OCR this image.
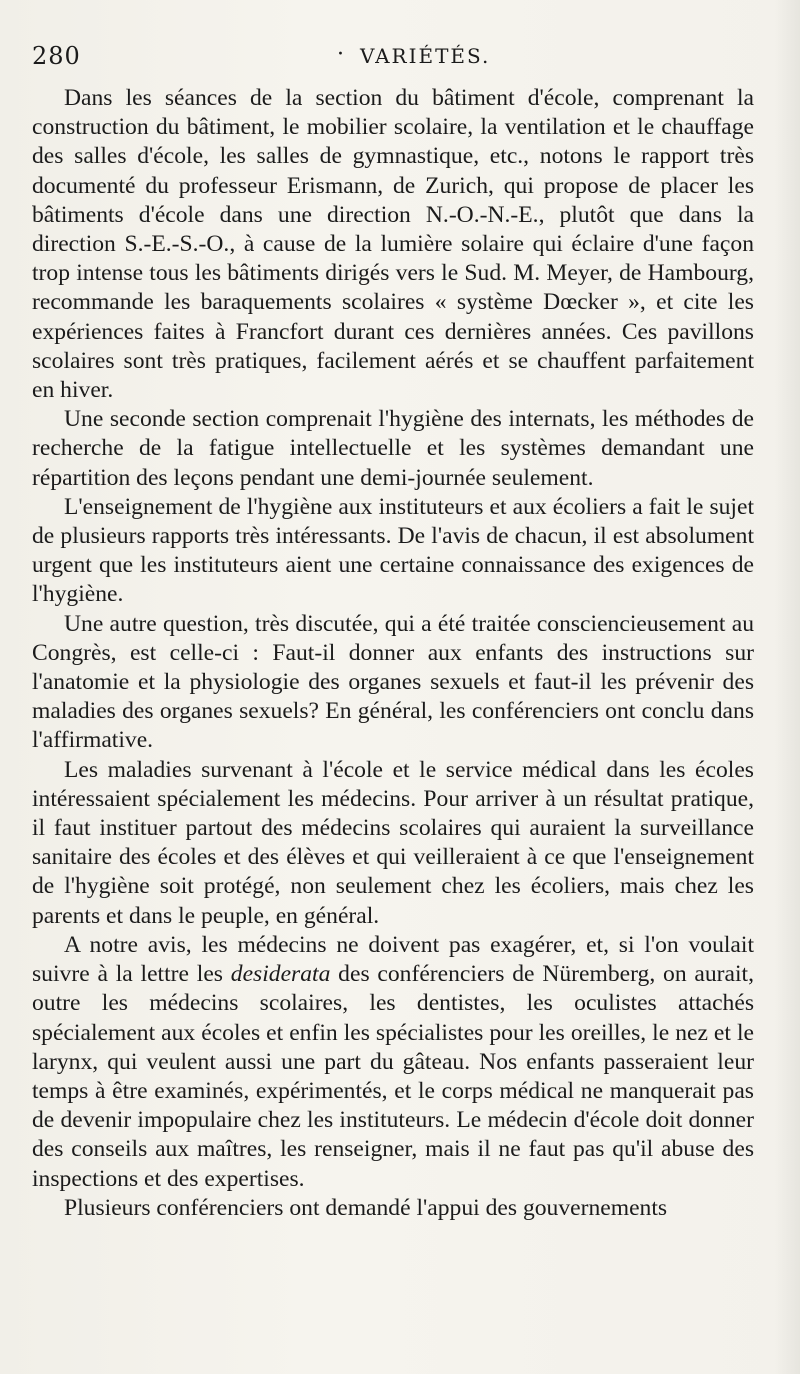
280	· VARIÉTÉS.

Dans les séances de la section du bâtiment d'école, comprenant la construction du bâtiment, le mobilier scolaire, la ventilation et le chauffage des salles d'école, les salles de gymnastique, etc., notons le rapport très documenté du professeur Erismann, de Zurich, qui propose de placer les bâtiments d'école dans une direction N.-O.-N.-E., plutôt que dans la direction S.-E.-S.-O., à cause de la lumière solaire qui éclaire d'une façon trop intense tous les bâtiments dirigés vers le Sud. M. Meyer, de Hambourg, recommande les baraquements scolaires « système Dœcker », et cite les expériences faites à Francfort durant ces dernières années. Ces pavillons scolaires sont très pratiques, facilement aérés et se chauffent parfaitement en hiver.

Une seconde section comprenait l'hygiène des internats, les méthodes de recherche de la fatigue intellectuelle et les systèmes demandant une répartition des leçons pendant une demi-journée seulement.

L'enseignement de l'hygiène aux instituteurs et aux écoliers a fait le sujet de plusieurs rapports très intéressants. De l'avis de chacun, il est absolument urgent que les instituteurs aient une certaine connaissance des exigences de l'hygiène.

Une autre question, très discutée, qui a été traitée consciencieusement au Congrès, est celle-ci : Faut-il donner aux enfants des instructions sur l'anatomie et la physiologie des organes sexuels et faut-il les prévenir des maladies des organes sexuels? En général, les conférenciers ont conclu dans l'affirmative.

Les maladies survenant à l'école et le service médical dans les écoles intéressaient spécialement les médecins. Pour arriver à un résultat pratique, il faut instituer partout des médecins scolaires qui auraient la surveillance sanitaire des écoles et des élèves et qui veilleraient à ce que l'enseignement de l'hygiène soit protégé, non seulement chez les écoliers, mais chez les parents et dans le peuple, en général.

A notre avis, les médecins ne doivent pas exagérer, et, si l'on voulait suivre à la lettre les desiderata des conférenciers de Nüremberg, on aurait, outre les médecins scolaires, les dentistes, les oculistes attachés spécialement aux écoles et enfin les spécialistes pour les oreilles, le nez et le larynx, qui veulent aussi une part du gâteau. Nos enfants passeraient leur temps à être examinés, expérimentés, et le corps médical ne manquerait pas de devenir impopulaire chez les instituteurs. Le médecin d'école doit donner des conseils aux maîtres, les renseigner, mais il ne faut pas qu'il abuse des inspections et des expertises.

Plusieurs conférenciers ont demandé l'appui des gouvernements
